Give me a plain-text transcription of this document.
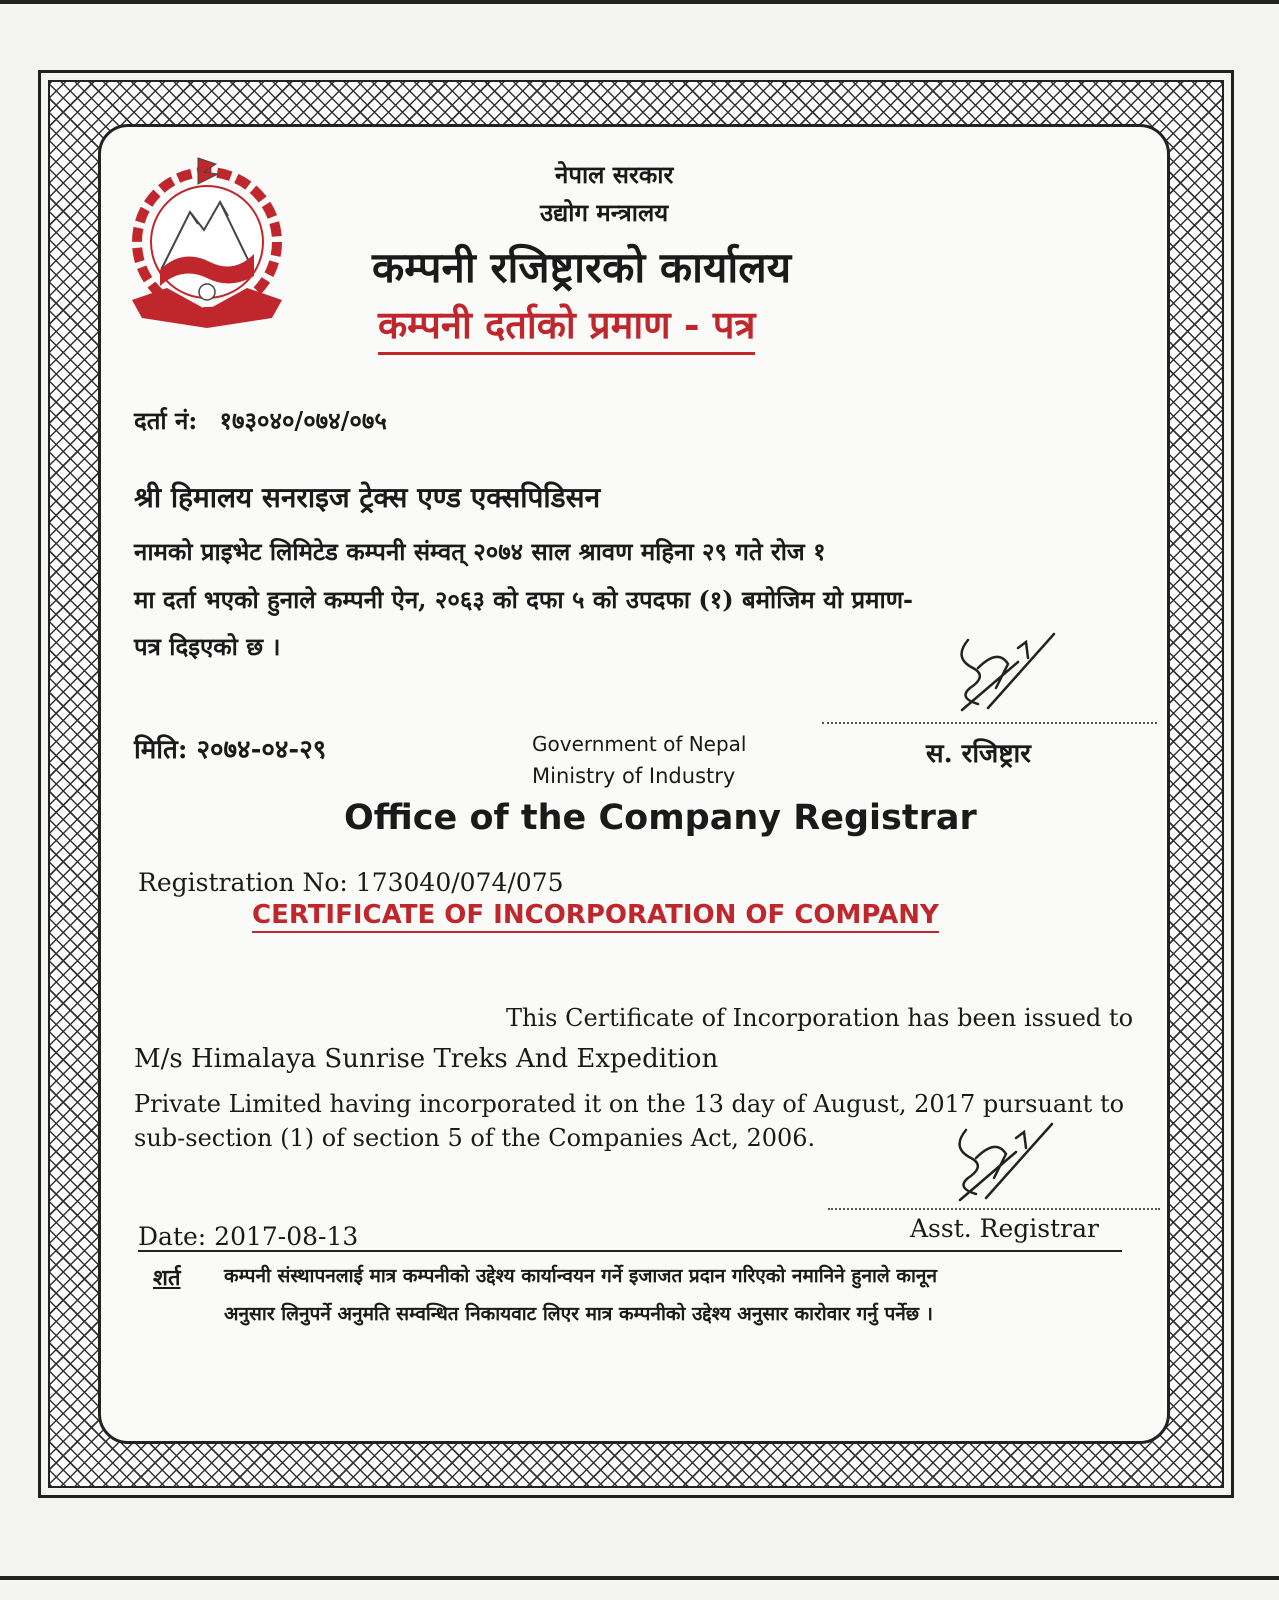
नेपाल सरकार
उद्योग मन्त्रालय
कम्पनी रजिष्ट्रारको कार्यालय
कम्पनी दर्ताको प्रमाण - पत्र
दर्ता नं: १७३०४०/०७४/०७५
श्री हिमालय सनराइज ट्रेक्स एण्ड एक्सपिडिसन
नामको प्राइभेट लिमिटेड कम्पनी संम्वत् २०७४ साल श्रावण महिना २९ गते रोज १
मा दर्ता भएको हुनाले कम्पनी ऐन, २०६३ को दफा ५ को उपदफा (१) बमोजिम यो प्रमाण-
पत्र दिइएको छ ।
स. रजिष्ट्रार
मिति: २०७४-०४-२९	Government of Nepal
Ministry of Industry
Office of the Company Registrar
Registration No: 173040/074/075
CERTIFICATE OF INCORPORATION OF COMPANY
This Certificate of Incorporation has been issued to
M/s Himalaya Sunrise Treks And Expedition
Private Limited having incorporated it on the 13 day of August, 2017 pursuant to
sub-section (1) of section 5 of the Companies Act, 2006.
Date: 2017-08-13	Asst. Registrar
शर्त कम्पनी संस्थापनलाई मात्र कम्पनीको उद्देश्य कार्यान्वयन गर्ने इजाजत प्रदान गरिएको नमानिने हुनाले कानून
अनुसार लिनुपर्ने अनुमति सम्वन्धित निकायवाट लिएर मात्र कम्पनीको उद्देश्य अनुसार कारोवार गर्नु पर्नेछ ।
